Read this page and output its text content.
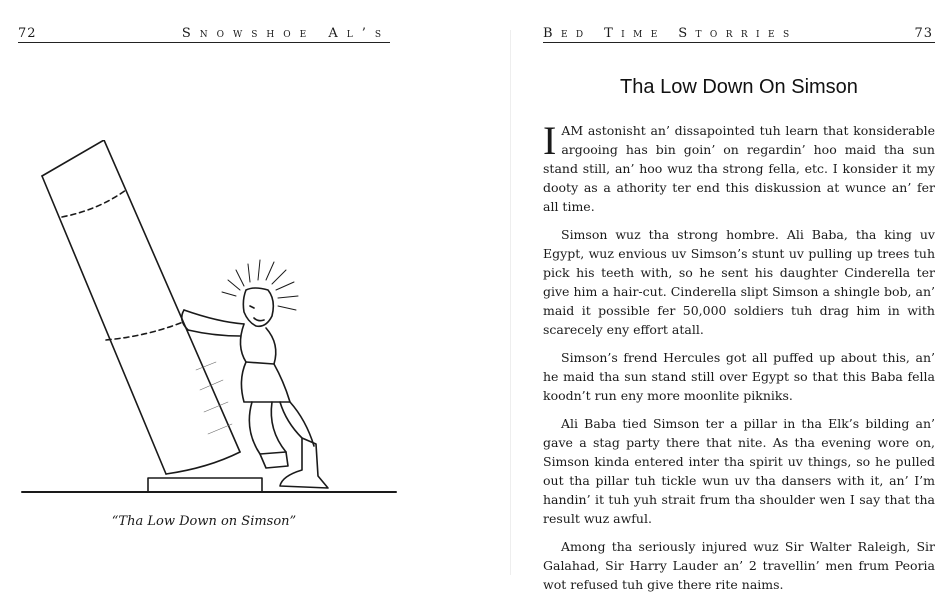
72	Snowshoe Al’s
“Tha Low Down on Simson”
Bed Time Storries	73
Tha Low Down On Simson

IAM astonisht an’ dissapointed tuh learn that konsiderable argooing has bin goin’ on regardin’ hoo maid tha sun stand still, an’ hoo wuz tha strong fella, etc. I konsider it my dooty as a athority ter end this diskussion at wunce an’ fer all time.

Simson wuz tha strong hombre. Ali Baba, tha king uv Egypt, wuz envious uv Simson’s stunt uv pulling up trees tuh pick his teeth with, so he sent his daughter Cinderella ter give him a hair-cut. Cinderella slipt Simson a shingle bob, an’ maid it possible fer 50,000 soldiers tuh drag him in with scarecely eny effort atall.

Simson’s frend Hercules got all puffed up about this, an’ he maid tha sun stand still over Egypt so that this Baba fella koodn’t run eny more moonlite pikniks.

Ali Baba tied Simson ter a pillar in tha Elk’s bilding an’ gave a stag party there that nite. As tha evening wore on, Simson kinda entered inter tha spirit uv things, so he pulled out tha pillar tuh tickle wun uv tha dansers with it, an’ I’m handin’ it tuh yuh strait frum tha shoulder wen I say that tha result wuz awful.

Among tha seriously injured wuz Sir Walter Raleigh, Sir Galahad, Sir Harry Lauder an’ 2 travellin’ men frum Peoria wot refused tuh give there rite naims.
